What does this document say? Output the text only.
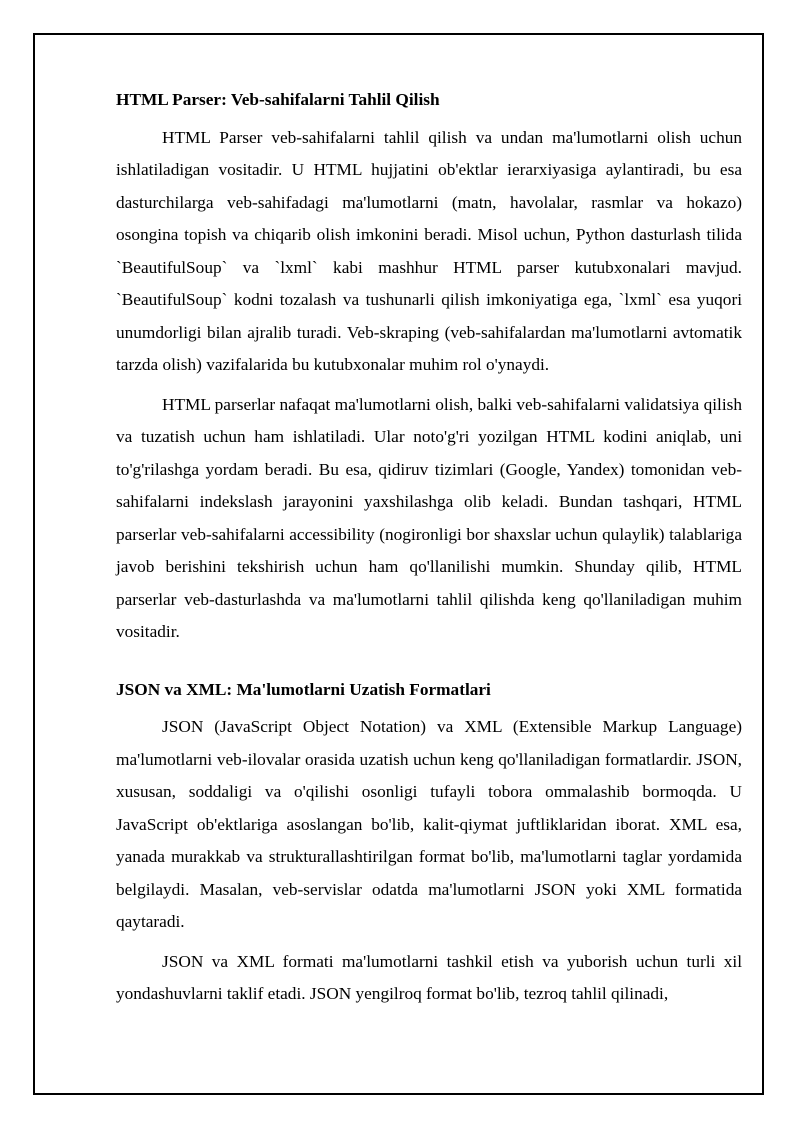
HTML Parser: Veb-sahifalarni Tahlil Qilish

HTML Parser veb-sahifalarni tahlil qilish va undan ma'lumotlarni olish uchun ishlatiladigan vositadir. U HTML hujjatini ob'ektlar ierarxiyasiga aylantiradi, bu esa dasturchilarga veb-sahifadagi ma'lumotlarni (matn, havolalar, rasmlar va hokazo) osongina topish va chiqarib olish imkonini beradi. Misol uchun, Python dasturlash tilida `BeautifulSoup` va `lxml` kabi mashhur HTML parser kutubxonalari mavjud. `BeautifulSoup` kodni tozalash va tushunarli qilish imkoniyatiga ega, `lxml` esa yuqori unumdorligi bilan ajralib turadi. Veb-skraping (veb-sahifalardan ma'lumotlarni avtomatik tarzda olish) vazifalarida bu kutubxonalar muhim rol o'ynaydi.

HTML parserlar nafaqat ma'lumotlarni olish, balki veb-sahifalarni validatsiya qilish va tuzatish uchun ham ishlatiladi. Ular noto'g'ri yozilgan HTML kodini aniqlab, uni to'g'rilashga yordam beradi. Bu esa, qidiruv tizimlari (Google, Yandex) tomonidan veb-sahifalarni indekslash jarayonini yaxshilashga olib keladi. Bundan tashqari, HTML parserlar veb-sahifalarni accessibility (nogironligi bor shaxslar uchun qulaylik) talablariga javob berishini tekshirish uchun ham qo'llanilishi mumkin. Shunday qilib, HTML parserlar veb-dasturlashda va ma'lumotlarni tahlil qilishda keng qo'llaniladigan muhim vositadir.

JSON va XML: Ma'lumotlarni Uzatish Formatlari

JSON (JavaScript Object Notation) va XML (Extensible Markup Language) ma'lumotlarni veb-ilovalar orasida uzatish uchun keng qo'llaniladigan formatlardir. JSON, xususan, soddaligi va o'qilishi osonligi tufayli tobora ommalashib bormoqda. U JavaScript ob'ektlariga asoslangan bo'lib, kalit-qiymat juftliklaridan iborat. XML esa, yanada murakkab va strukturallashtirilgan format bo'lib, ma'lumotlarni taglar yordamida belgilaydi. Masalan, veb-servislar odatda ma'lumotlarni JSON yoki XML formatida qaytaradi.

JSON va XML formati ma'lumotlarni tashkil etish va yuborish uchun turli xil yondashuvlarni taklif etadi. JSON yengilroq format bo'lib, tezroq tahlil qilinadi,
